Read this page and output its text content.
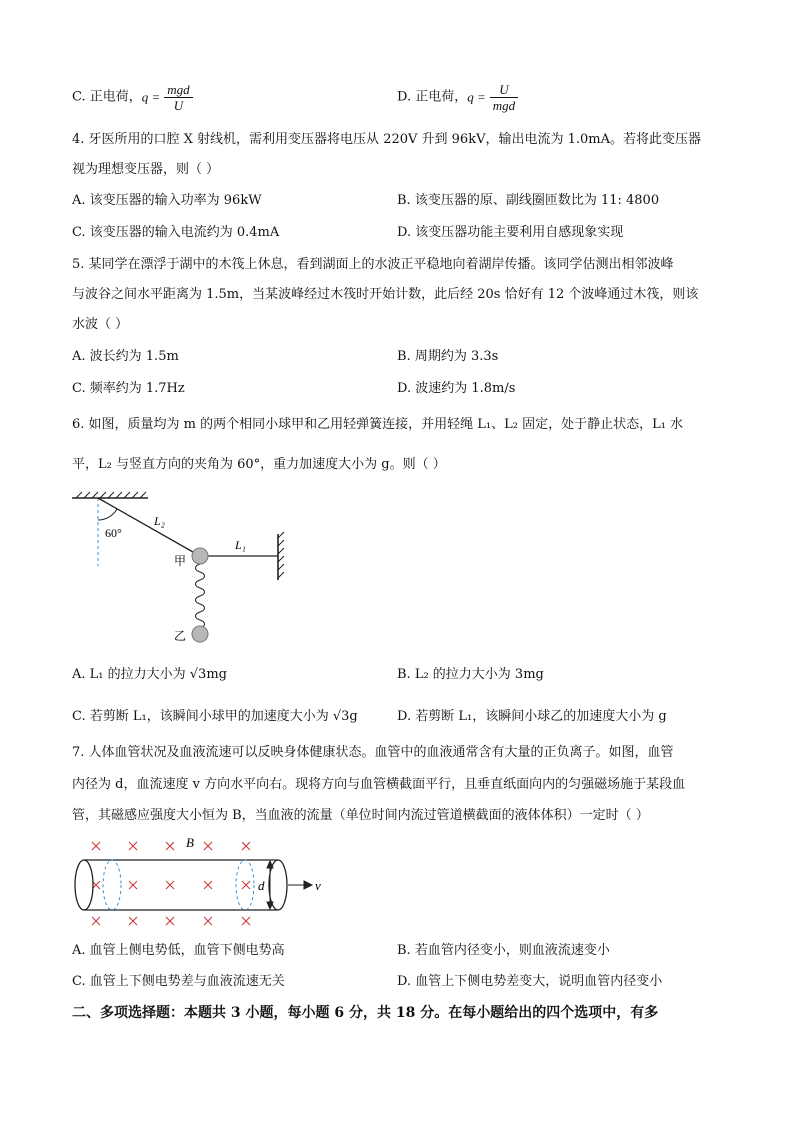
C. 正电荷，$q = \frac{\text{mgd}}{U}$	D. 正电荷，$q = \frac{U}{\text{mgd}}$
4. 牙医所用的口腔 X 射线机，需利用变压器将电压从 220V 升到 96kV，输出电流为 1.0mA。若将此变压器
视为理想变压器，则（ ）
A. 该变压器的输入功率为 96kW	B. 该变压器的原、副线圈匝数比为 11: 4800
C. 该变压器的输入电流约为 0.4mA	D. 该变压器功能主要利用自感现象实现
5. 某同学在漂浮于湖中的木筏上休息，看到湖面上的水波正平稳地向着湖岸传播。该同学估测出相邻波峰
与波谷之间水平距离为 1.5m，当某波峰经过木筏时开始计数，此后经 20s 恰好有 12 个波峰通过木筏，则该
水波（ ）
A. 波长约为 1.5m	B. 周期约为 3.3s
C. 频率约为 1.7Hz	D. 波速约为 1.8m/s
6. 如图，质量均为 m 的两个相同小球甲和乙用轻弹簧连接，并用轻绳 L₁、L₂ 固定，处于静止状态，L₁ 水
平，L₂ 与竖直方向的夹角为 60°，重力加速度大小为 g。则（ ）
60°
L₂
L₁
甲
乙
A. L₁ 的拉力大小为 √3mg	B. L₂ 的拉力大小为 3mg
C. 若剪断 L₁，该瞬间小球甲的加速度大小为 √3g	D. 若剪断 L₁，该瞬间小球乙的加速度大小为 g
7. 人体血管状况及血液流速可以反映身体健康状态。血管中的血液通常含有大量的正负离子。如图，血管
内径为 d，血流速度 v 方向水平向右。现将方向与血管横截面平行，且垂直纸面向内的匀强磁场施于某段血
管，其磁感应强度大小恒为 B，当血液的流量（单位时间内流过管道横截面的液体体积）一定时（ ）
B
d	v
A. 血管上侧电势低，血管下侧电势高	B. 若血管内径变小，则血液流速变小
C. 血管上下侧电势差与血液流速无关	D. 血管上下侧电势差变大，说明血管内径变小
二、多项选择题：本题共 3 小题，每小题 6 分，共 18 分。在每小题给出的四个选项中，有多
